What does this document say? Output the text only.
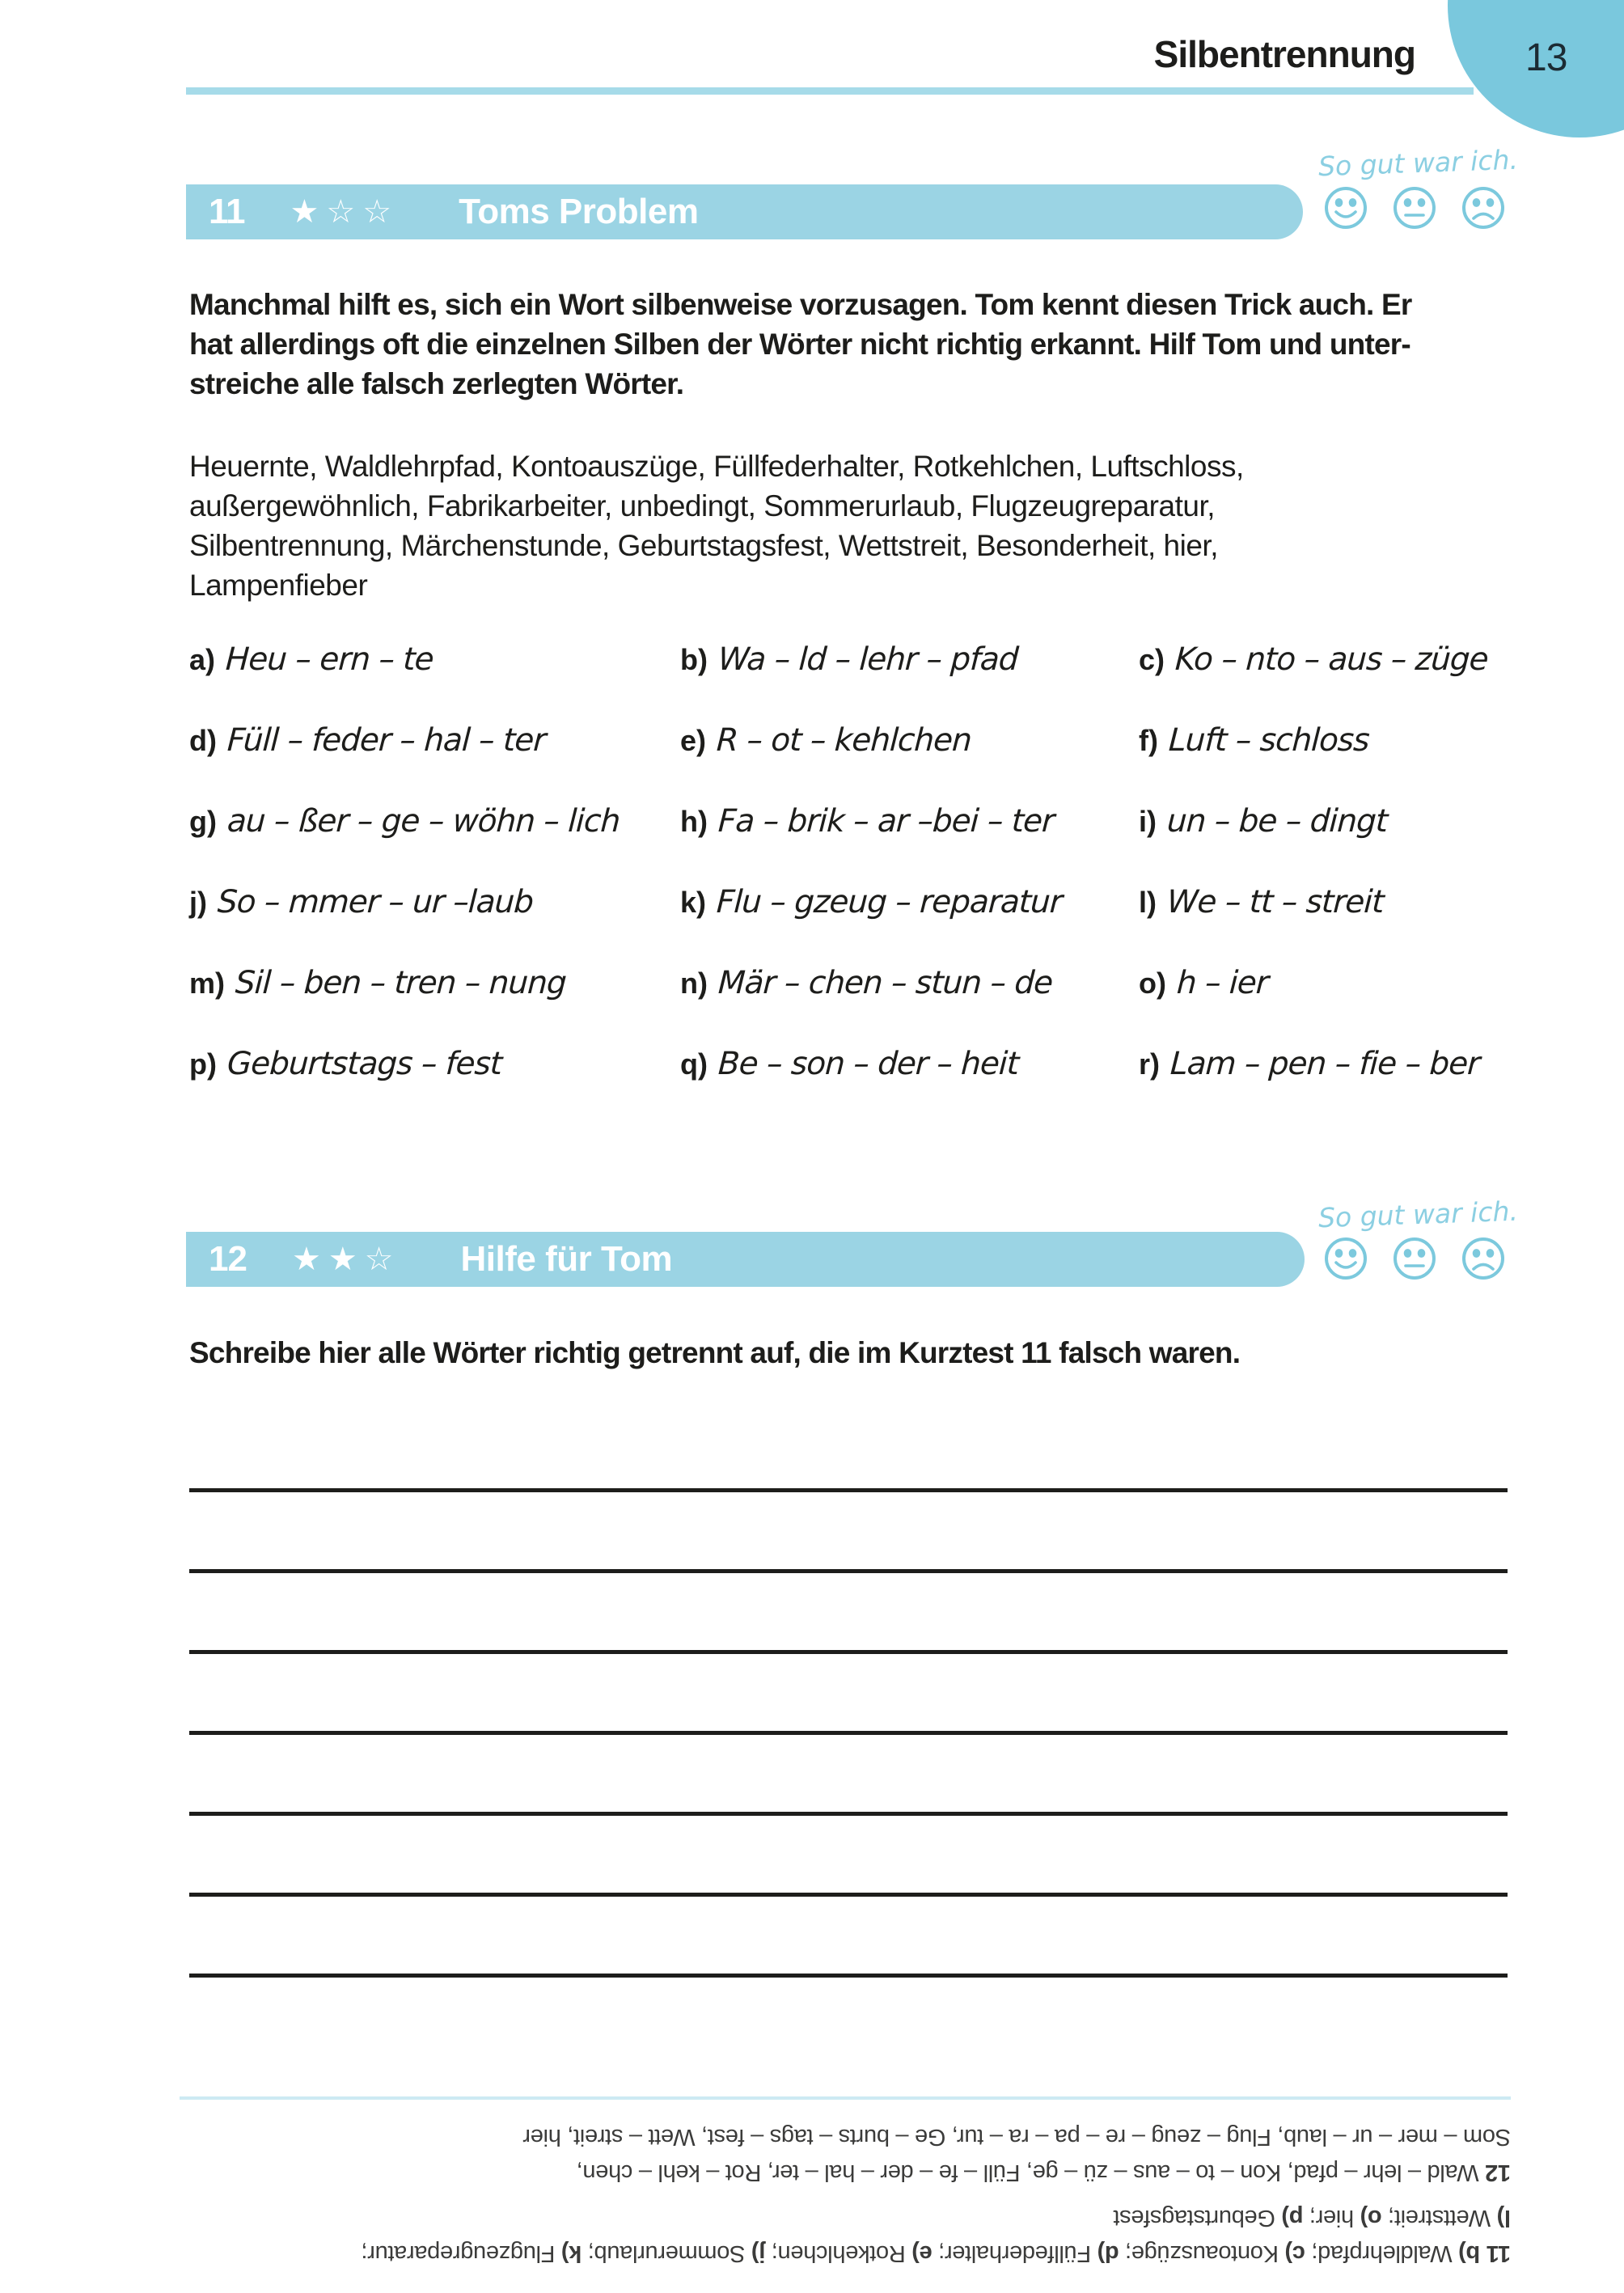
Silbentrennung	13
11 ★☆☆ Toms Problem
So gut war ich.
Manchmal hilft es, sich ein Wort silbenweise vorzusagen. Tom kennt diesen Trick auch. Er
hat allerdings oft die einzelnen Silben der Wörter nicht richtig erkannt. Hilf Tom und unter-
streiche alle falsch zerlegten Wörter.
Heuernte, Waldlehrpfad, Kontoauszüge, Füllfederhalter, Rotkehlchen, Luftschloss,
außergewöhnlich, Fabrikarbeiter, unbedingt, Sommerurlaub, Flugzeugreparatur,
Silbentrennung, Märchenstunde, Geburtstagsfest, Wettstreit, Besonderheit, hier,
Lampenfieber
a) Heu – ern – te	b) Wa – ld – lehr – pfad	c) Ko – nto – aus – züge
d) Füll – feder – hal – ter	e) R – ot – kehlchen	f) Luft – schloss
g) au – ßer – ge – wöhn – lich h) Fa – brik – ar –bei – ter	i) un – be – dingt
j) So – mmer – ur –laub	k) Flu – gzeug – reparatur	l) We – tt – streit
m) Sil – ben – tren – nung	n) Mär – chen – stun – de	o) h – ier
p) Geburtstags – fest	q) Be – son – der – heit	r) Lam – pen – fie – ber
12 ★★☆ Hilfe für Tom
So gut war ich.
Schreibe hier alle Wörter richtig getrennt auf, die im Kurztest 11 falsch waren.
11 b) Waldlehrpfad; c) Kontoauszüge; d) Füllfederhalter; e) Rotkehlchen; j) Sommerurlaub; k) Flugzeugreparatur;
l) Wettstreit; o) hier; p) Geburtstagsfest
12 Wald – lehr – pfad, Kon – to – aus – zü – ge, Füll – fe – der – hal – ter, Rot – kehl – chen,
Som – mer – ur – laub, Flug – zeug – re – pa – ra – tur, Ge – burts – tags – fest, Wett – streit, hier
